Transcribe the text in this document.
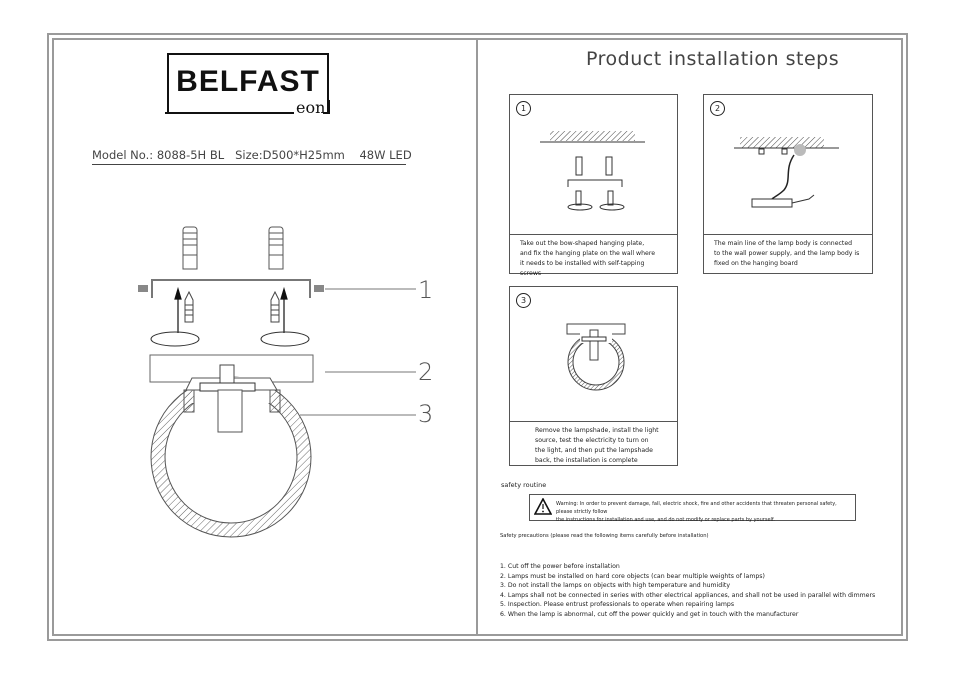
BELFAST
eon
Model No.: 8088-5H BL Size:D500*H25mm 48W LED
1
2
3
Product installation steps
1
Take out the bow-shaped hanging plate,
and fix the hanging plate on the wall where
it needs to be installed with self-tapping screws
2
The main line of the lamp body is connected
to the wall power supply, and the lamp body is
fixed on the hanging board
3
Remove the lampshade, install the light
source, test the electricity to turn on
the light, and then put the lampshade
back, the installation is complete
safety routine
Warning: In order to prevent damage, fall, electric shock, fire and other accidents that threaten personal safety, please strictly follow
the instructions for installation and use, and do not modify or replace parts by yourself.
Safety precautions (please read the following items carefully before installation)
1. Cut off the power before installation
2. Lamps must be installed on hard core objects (can bear multiple weights of lamps)
3. Do not install the lamps on objects with high temperature and humidity
4. Lamps shall not be connected in series with other electrical appliances, and shall not be used in parallel with dimmers
5. Inspection. Please entrust professionals to operate when repairing lamps
6. When the lamp is abnormal, cut off the power quickly and get in touch with the manufacturer
